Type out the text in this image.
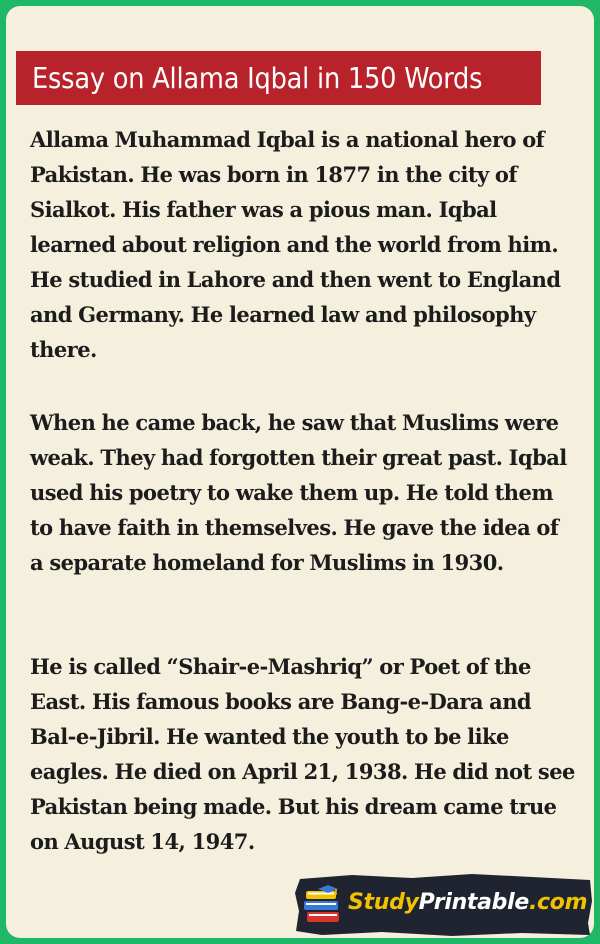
Essay on Allama Iqbal in 150 Words

Allama Muhammad Iqbal is a national hero of Pakistan. He was born in 1877 in the city of Sialkot. His father was a pious man. Iqbal learned about religion and the world from him. He studied in Lahore and then went to England and Germany. He learned law and philosophy there.

When he came back, he saw that Muslims were weak. They had forgotten their great past. Iqbal used his poetry to wake them up. He told them to have faith in themselves. He gave the idea of a separate homeland for Muslims in 1930.

He is called “Shair-e-Mashriq” or Poet of the East. His famous books are Bang-e-Dara and Bal-e-Jibril. He wanted the youth to be like eagles. He died on April 21, 1938. He did not see Pakistan being made. But his dream came true on August 14, 1947.

StudyPrintable.com
